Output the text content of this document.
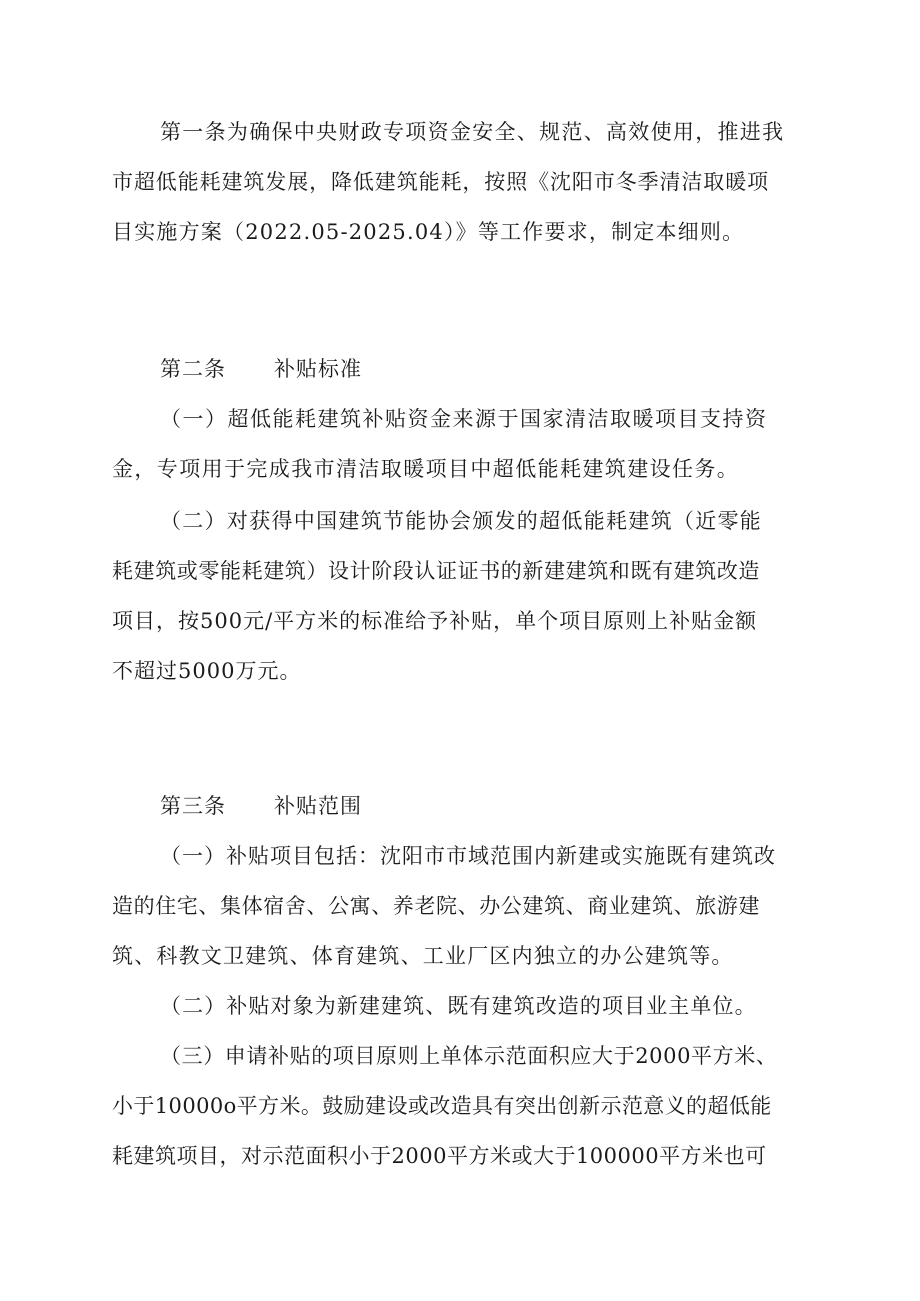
第一条为确保中央财政专项资金安全、规范、高效使用，推进我
市超低能耗建筑发展，降低建筑能耗，按照《沈阳市冬季清洁取暖项
目实施方案（2022.05-2025.04）》等工作要求，制定本细则。
第二条 补贴标准
（一）超低能耗建筑补贴资金来源于国家清洁取暖项目支持资
金，专项用于完成我市清洁取暖项目中超低能耗建筑建设任务。
（二）对获得中国建筑节能协会颁发的超低能耗建筑（近零能
耗建筑或零能耗建筑）设计阶段认证证书的新建建筑和既有建筑改造
项目，按500元/平方米的标准给予补贴，单个项目原则上补贴金额
不超过5000万元。
第三条 补贴范围
（一）补贴项目包括：沈阳市市域范围内新建或实施既有建筑改
造的住宅、集体宿舍、公寓、养老院、办公建筑、商业建筑、旅游建
筑、科教文卫建筑、体育建筑、工业厂区内独立的办公建筑等。
（二）补贴对象为新建建筑、既有建筑改造的项目业主单位。
（三）申请补贴的项目原则上单体示范面积应大于2000平方米、
小于10000o平方米。鼓励建设或改造具有突出创新示范意义的超低能
耗建筑项目，对示范面积小于2000平方米或大于100000平方米也可
